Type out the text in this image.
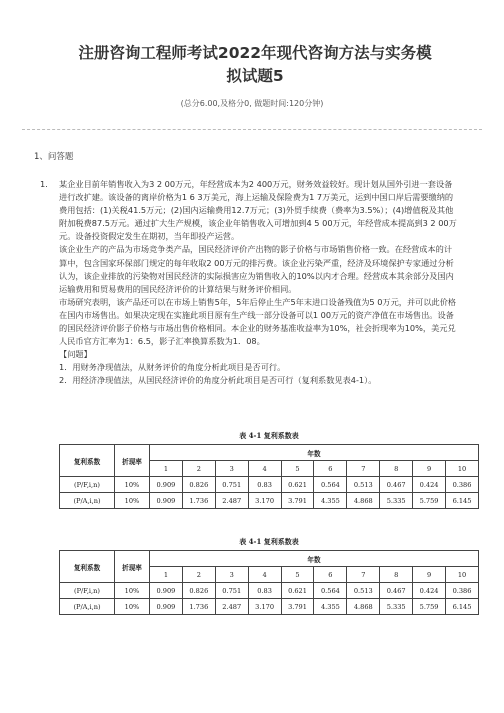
注册咨询工程师考试2022年现代咨询方法与实务模
拟试题5
(总分6.00,及格分0, 做题时间:120分钟)
1、问答题
1. 某企业目前年销售收入为3 2 00万元，年经营成本为2 400万元，财务效益较好。现计划从国外引进一套设备进行改扩建。该设备的离岸价格为1 6 3万美元，海上运输及保险费为1 7万美元，运到中国口岸后需要缴纳的费用包括：(1)关税41.5万元；(2)国内运输费用12.7万元；(3)外贸手续费（费率为3.5%）；(4)增值税及其他附加税费87.5万元。通过扩大生产规模，该企业年销售收入可增加到4 5 00万元，年经营成本提高到3 2 00万元。设备投资假定发生在期初，当年即投产运营。

该企业生产的产品为市场竞争类产品，国民经济评价产出物的影子价格与市场销售价格一致。在经营成本的计算中，包含国家环保部门规定的每年收取2 00万元的排污费。该企业污染严重，经济及环境保护专家通过分析认为，该企业排放的污染物对国民经济的实际损害应为销售收入的10%以内才合理。经营成本其余部分及国内运输费用和贸易费用的国民经济评价的计算结果与财务评价相同。

市场研究表明，该产品还可以在市场上销售5年，5年后停止生产5年末进口设备残值为5 0万元，并可以此价格在国内市场售出。如果决定现在实施此项目原有生产线一部分设备可以1 00万元的资产净值在市场售出。设备的国民经济评价影子价格与市场出售价格相同。本企业的财务基准收益率为10%，社会折现率为10%，美元兑人民币官方汇率为1：6.5，影子汇率换算系数为1．08。

【问题】

1．用财务净现值法，从财务评价的角度分析此项目是否可行。

2．用经济净现值法，从国民经济评价的角度分析此项目是否可行（复利系数见表4-1）。

表 4-1 复利系数表
复利系数	折现率	年数									
		1	2	3	4	5	6	7	8	9	10
(P/F,i,n)	10%	0.909	0.826	0.751	0.83	0.621	0.564	0.513	0.467	0.424	0.386
(P/A,i,n)	10%	0.909	1.736	2.487	3.170	3.791	4.355	4.868	5.335	5.759	6.145
表 4-1 复利系数表
复利系数	折现率	年数									
		1	2	3	4	5	6	7	8	9	10
(P/F,i,n)	10%	0.909	0.826	0.751	0.83	0.621	0.564	0.513	0.467	0.424	0.386
(P/A,i,n)	10%	0.909	1.736	2.487	3.170	3.791	4.355	4.868	5.335	5.759	6.145
